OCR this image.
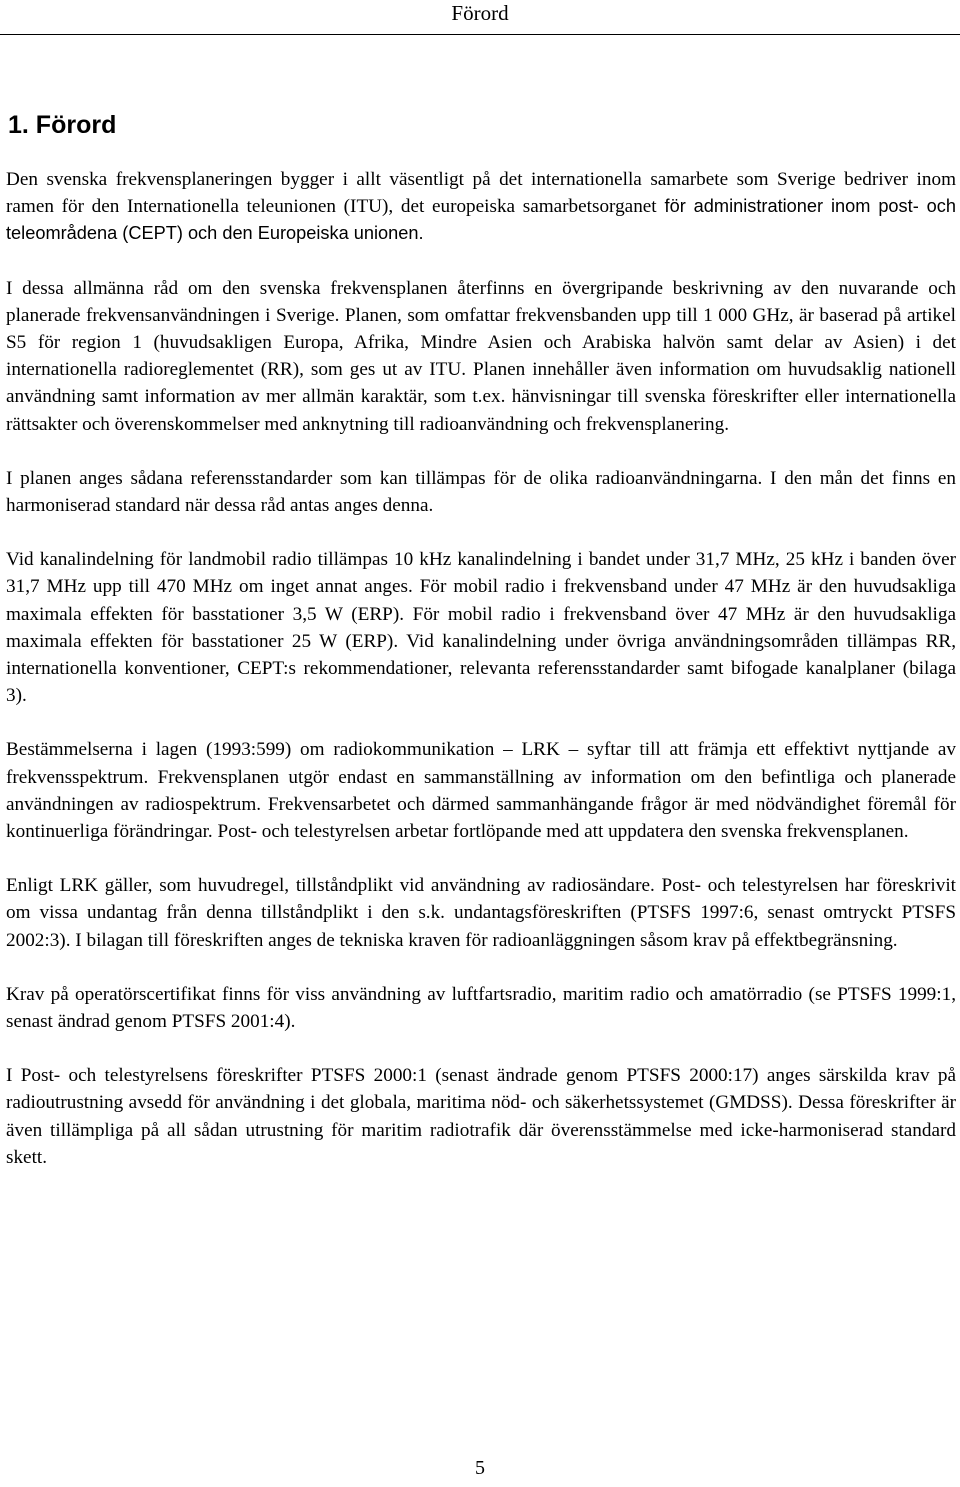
Förord
1. Förord

Den svenska frekvensplaneringen bygger i allt väsentligt på det internationella samarbete som Sverige bedriver inom ramen för den Internationella teleunionen (ITU), det europeiska samarbetsorganet för administrationer inom post- och teleområdena (CEPT) och den Europeiska unionen.

I dessa allmänna råd om den svenska frekvensplanen återfinns en övergripande beskrivning av den nuvarande och planerade frekvensanvändningen i Sverige. Planen, som omfattar frekvensbanden upp till 1 000 GHz, är baserad på artikel S5 för region 1 (huvudsakligen Europa, Afrika, Mindre Asien och Arabiska halvön samt delar av Asien) i det internationella radioreglementet (RR), som ges ut av ITU. Planen innehåller även information om huvudsaklig nationell användning samt information av mer allmän karaktär, som t.ex. hänvisningar till svenska föreskrifter eller internationella rättsakter och överenskommelser med anknytning till radioanvändning och frekvensplanering.

I planen anges sådana referensstandarder som kan tillämpas för de olika radioanvändningarna. I den mån det finns en harmoniserad standard när dessa råd antas anges denna.

Vid kanalindelning för landmobil radio tillämpas 10 kHz kanalindelning i bandet under 31,7 MHz, 25 kHz i banden över 31,7 MHz upp till 470 MHz om inget annat anges. För mobil radio i frekvensband under 47 MHz är den huvudsakliga maximala effekten för basstationer 3,5 W (ERP). För mobil radio i frekvensband över 47 MHz är den huvudsakliga maximala effekten för basstationer 25 W (ERP). Vid kanalindelning under övriga användningsområden tillämpas RR, internationella konventioner, CEPT:s rekommendationer, relevanta referensstandarder samt bifogade kanalplaner (bilaga 3).

Bestämmelserna i lagen (1993:599) om radiokommunikation – LRK – syftar till att främja ett effektivt nyttjande av frekvensspektrum. Frekvensplanen utgör endast en sammanställning av information om den befintliga och planerade användningen av radiospektrum. Frekvensarbetet och därmed sammanhängande frågor är med nödvändighet föremål för kontinuerliga förändringar. Post- och telestyrelsen arbetar fortlöpande med att uppdatera den svenska frekvensplanen.

Enligt LRK gäller, som huvudregel, tillståndplikt vid användning av radiosändare. Post- och telestyrelsen har föreskrivit om vissa undantag från denna tillståndplikt i den s.k. undantagsföreskriften (PTSFS 1997:6, senast omtryckt PTSFS 2002:3). I bilagan till föreskriften anges de tekniska kraven för radioanläggningen såsom krav på effektbegränsning.

Krav på operatörscertifikat finns för viss användning av luftfartsradio, maritim radio och amatörradio (se PTSFS 1999:1, senast ändrad genom PTSFS 2001:4).

I Post- och telestyrelsens föreskrifter PTSFS 2000:1 (senast ändrade genom PTSFS 2000:17) anges särskilda krav på radioutrustning avsedd för användning i det globala, maritima nöd- och säkerhetssystemet (GMDSS). Dessa föreskrifter är även tillämpliga på all sådan utrustning för maritim radiotrafik där överensstämmelse med icke-harmoniserad standard skett.

5
